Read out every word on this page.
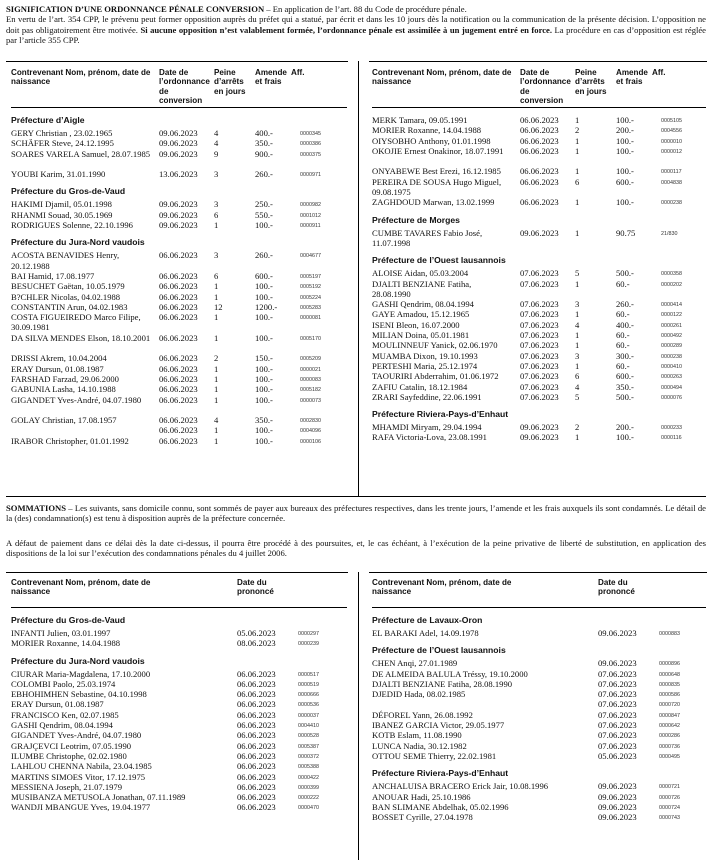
SIGNIFICATION D’UNE ORDONNANCE PÉNALE CONVERSION – En application de l’art. 88 du Code de procédure pénale.
En vertu de l’art. 354 CPP, le prévenu peut former opposition auprès du préfet qui a statué, par écrit et dans les 10 jours dès la notification ou la communication de la présente décision. L’opposition ne doit pas obligatoirement être motivée. Si aucune opposition n’est valablement formée, l’ordonnance pénale est assimilée à un jugement entré en force. La procédure en cas d’opposition est réglée par l’article 355 CPP.
Contrevenant Nom, prénom, date de naissance
Date de l’ordonnance de conversion
Peine d’arrêts en jours
Amende et frais
Aff.
Préfecture d’Aigle
GERY Christian , 23.02.1965	09.06.2023 4	400.-	0000345
SCHÄFER Steve, 24.12.1995	09.06.2023 4	350.-	0000386
SOARES VARELA Samuel, 28.07.1985 09.06.2023 9	900.-	0000375
YOUBI Karim, 31.01.1990	13.06.2023 3	260.-	0000971
Préfecture du Gros-de-Vaud
HAKIMI Djamil, 05.01.1998	09.06.2023 3	250.-	0000982
RHANMI Souad, 30.05.1969	09.06.2023 6	550.-	0001012
RODRIGUES Solenne, 22.10.1996	09.06.2023 1	100.-	0000911
Préfecture du Jura-Nord vaudois
ACOSTA BENAVIDES Henry, 20.12.1988
06.06.2023 3	260.-	0004677
BAI Hamid, 17.08.1977	06.06.2023 6	600.-	0005197
BESUCHET Gaëtan, 10.05.1979	06.06.2023 1	100.-	0005192
B?CHLER Nicolas, 04.02.1988	06.06.2023 1	100.-	0005224
CONSTANTIN Arun, 04.02.1983	06.06.2023 12	1200.-	0005283
COSTA FIGUEIREDO Marco Filipe, 30.09.1981
06.06.2023 1	100.-	0000081
DA SILVA MENDES Elson, 18.10.2001 06.06.2023 1	100.-	0005170
DRISSI Akrem, 10.04.2004	06.06.2023 2	150.-	0005209
ERAY Dursun, 01.08.1987	06.06.2023 1	100.-	0000021
FARSHAD Farzad, 29.06.2000	06.06.2023 1	100.-	0000083
GABUNIA Lasha, 14.10.1988	06.06.2023 1	100.-	0005182
GIGANDET Yves-André, 04.07.1980	06.06.2023 1	100.-	0000073
GOLAY Christian, 17.08.1957	06.06.2023 4	350.-	0002830
06.06.2023 1	100.-	0004096
IRABOR Christopher, 01.01.1992	06.06.2023 1	100.-	0000106
Contrevenant Nom, prénom, date de naissance
Date de l’ordonnance de conversion
Peine d’arrêts en jours
Amende et frais
Aff.
MERK Tamara, 09.05.1991	06.06.2023 1	100.-	0005105
MORIER Roxanne, 14.04.1988	06.06.2023 2	200.-	0004556
OIYSOBHO Anthony, 01.01.1998	06.06.2023 1	100.-	0000010
OKOJIE Ernest Onakinor, 18.07.1991	06.06.2023 1	100.-	0000012
ONYABEWE Best Erezi, 16.12.1985 06.06.2023 1	100.-	0000117
PEREIRA DE SOUSA Hugo Miguel, 09.08.1975
06.06.2023 6	600.-	0004838
ZAGHDOUD Marwan, 13.02.1999	06.06.2023 1	100.-	0000238
Préfecture de Morges
CUMBE TAVARES Fabio José, 11.07.1998
09.06.2023 1	90.75	21/830
Préfecture de l’Ouest lausannois
ALOISE Aidan, 05.03.2004	07.06.2023 5	500.-	0000358
DJALTI BENZIANE Fatiha, 28.08.1990
07.06.2023 1	60.-	0000202
GASHI Qendrim, 08.04.1994	07.06.2023 3	260.-	0000414
GAYE Amadou, 15.12.1965	07.06.2023 1	60.-	0000122
ISENI Bleon, 16.07.2000	07.06.2023 4	400.-	0000261
MILIAN Doina, 05.01.1981	07.06.2023 1	60.-	0000492
MOULINNEUF Yanick, 02.06.1970	07.06.2023 1	60.-	0000289
MUAMBA Dixon, 19.10.1993	07.06.2023 3	300.-	0000238
PERTESHI Maria, 25.12.1974	07.06.2023 1	60.-	0000410
TAOURIRI Abderrahim, 01.06.1972 07.06.2023 6	600.-	0000263
ZAFIU Catalin, 18.12.1984	07.06.2023 4	350.-	0000494
ZRARI Sayfeddine, 22.06.1991	07.06.2023 5	500.-	0000076
Préfecture Riviera-Pays-d’Enhaut
MHAMDI Miryam, 29.04.1994	09.06.2023 2	200.-	0000233
RAFA Victoria-Lova, 23.08.1991	09.06.2023 1	100.-	0000116
SOMMATIONS – Les suivants, sans domicile connu, sont sommés de payer aux bureaux des préfectures respectives, dans les trente jours, l’amende et les frais auxquels ils sont condamnés. Le détail de la (des) condamnation(s) est tenu à disposition auprès de la préfecture concernée.
A défaut de paiement dans ce délai dès la date ci-dessus, il pourra être procédé à des poursuites, et, le cas échéant, à l’exécution de la peine privative de liberté de substitution, en application des dispositions de la loi sur l’exécution des condamnations pénales du 4 juillet 2006.
Contrevenant Nom, prénom, date de naissance
Date du prononcé
Préfecture du Gros-de-Vaud
INFANTI Julien, 03.01.1997	05.06.2023	0000297
MORIER Roxanne, 14.04.1988	08.06.2023	0000239
Préfecture du Jura-Nord vaudois
CIURAR Maria-Magdalena, 17.10.2000	06.06.2023	0000517
COLOMBI Paolo, 25.03.1974	06.06.2023	0000519
EBHOHIMHEN Sebastine, 04.10.1998	06.06.2023	0000666
ERAY Dursun, 01.08.1987	06.06.2023	0000536
FRANCISCO Ken, 02.07.1985	06.06.2023	0000037
GASHI Qendrim, 08.04.1994	06.06.2023	0004410
GIGANDET Yves-André, 04.07.1980	06.06.2023	0000528
GRAJÇEVCI Leotrim, 07.05.1990	06.06.2023	0005387
ILUMBE Christophe, 02.02.1980	06.06.2023	0000372
LAHLOU CHENNA Nabila, 23.04.1985	06.06.2023	0005388
MARTINS SIMOES Vitor, 17.12.1975	06.06.2023	0000422
MESSIENA Joseph, 21.07.1979	06.06.2023	0000399
MUSIBANZA METUSOLA Jonathan, 07.11.1989	06.06.2023	0000222
WANDJI MBANGUE Yves, 19.04.1977	06.06.2023	0000470
Contrevenant Nom, prénom, date de naissance
Date du prononcé
Préfecture de Lavaux-Oron
EL BARAKI Adel, 14.09.1978	09.06.2023	0000883
Préfecture de l’Ouest lausannois
CHEN Anqi, 27.01.1989	09.06.2023	0000896
DE ALMEIDA BALULA Tréssy, 19.10.2000	07.06.2023	0000648
DJALTI BENZIANE Fatiha, 28.08.1990	07.06.2023	0000835
DJEDID Hada, 08.02.1985	07.06.2023	0000586
07.06.2023	0000720
DÉFOREL Yann, 26.08.1992	07.06.2023	0000847
IBANEZ GARCIA Victor, 29.05.1977	07.06.2023	0000642
KOTB Eslam, 11.08.1990	07.06.2023	0000286
LUNCA Nadia, 30.12.1982	07.06.2023	0000736
OTTOU SEME Thierry, 22.02.1981	05.06.2023	0000495
Préfecture Riviera-Pays-d’Enhaut
ANCHALUISA BRACERO Erick Jair, 10.08.1996	09.06.2023	0000721
ANOUAR Hadi, 25.10.1986	09.06.2023	0000726
BAN SLIMANE Abdelhak, 05.02.1996	09.06.2023	0000724
BOSSET Cyrille, 27.04.1978	09.06.2023	0000743
